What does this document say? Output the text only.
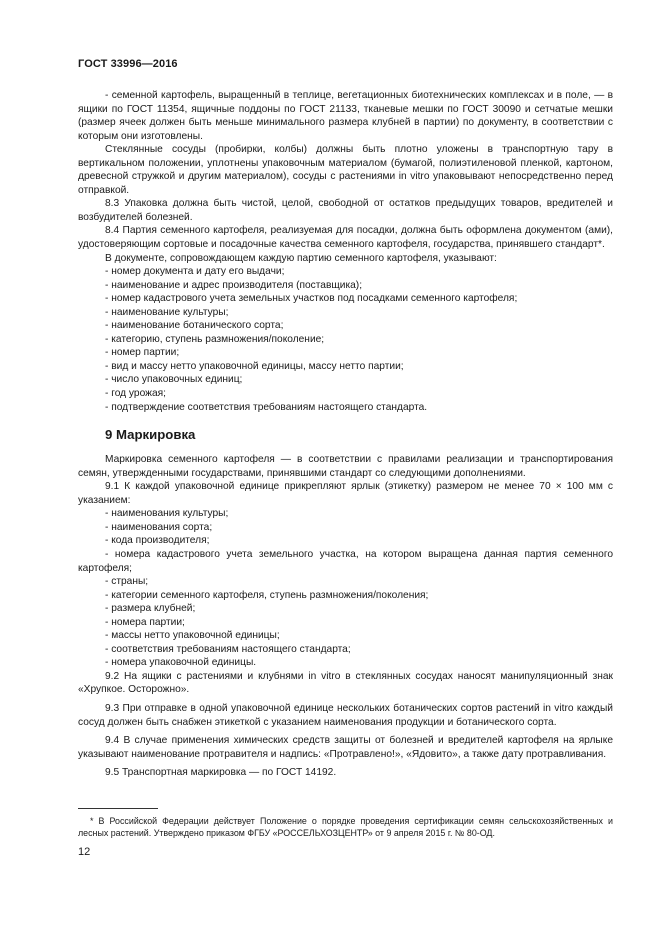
ГОСТ 33996—2016

- семенной картофель, выращенный в теплице, вегетационных биотехнических комплексах и в поле, — в ящики по ГОСТ 11354, ящичные поддоны по ГОСТ 21133, тканевые мешки по ГОСТ 30090 и сетчатые мешки (размер ячеек должен быть меньше минимального размера клубней в партии) по документу, в соответствии с которым они изготовлены.

Стеклянные сосуды (пробирки, колбы) должны быть плотно уложены в транспортную тару в вертикальном положении, уплотнены упаковочным материалом (бумагой, полиэтиленовой пленкой, картоном, древесной стружкой и другим материалом), сосуды с растениями in vitro упаковывают непосредственно перед отправкой.

8.3 Упаковка должна быть чистой, целой, свободной от остатков предыдущих товаров, вредителей и возбудителей болезней.

8.4 Партия семенного картофеля, реализуемая для посадки, должна быть оформлена документом (ами), удостоверяющим сортовые и посадочные качества семенного картофеля, государства, принявшего стандарт*.

В документе, сопровождающем каждую партию семенного картофеля, указывают:

- номер документа и дату его выдачи;

- наименование и адрес производителя (поставщика);

- номер кадастрового учета земельных участков под посадками семенного картофеля;

- наименование культуры;

- наименование ботанического сорта;

- категорию, ступень размножения/поколение;

- номер партии;

- вид и массу нетто упаковочной единицы, массу нетто партии;

- число упаковочных единиц;

- год урожая;

- подтверждение соответствия требованиям настоящего стандарта.

9 Маркировка

Маркировка семенного картофеля — в соответствии с правилами реализации и транспортирования семян, утвержденными государствами, принявшими стандарт со следующими дополнениями.

9.1 К каждой упаковочной единице прикрепляют ярлык (этикетку) размером не менее 70 × 100 мм с указанием:

- наименования культуры;

- наименования сорта;

- кода производителя;

- номера кадастрового учета земельного участка, на котором выращена данная партия семенного картофеля;

- страны;

- категории семенного картофеля, ступень размножения/поколения;

- размера клубней;

- номера партии;

- массы нетто упаковочной единицы;

- соответствия требованиям настоящего стандарта;

- номера упаковочной единицы.

9.2 На ящики с растениями и клубнями in vitro в стеклянных сосудах наносят манипуляционный знак «Хрупкое. Осторожно».

9.3 При отправке в одной упаковочной единице нескольких ботанических сортов растений in vitro каждый сосуд должен быть снабжен этикеткой с указанием наименования продукции и ботанического сорта.

9.4 В случае применения химических средств защиты от болезней и вредителей картофеля на ярлыке указывают наименование протравителя и надпись: «Протравлено!», «Ядовито», а также дату протравливания.

9.5 Транспортная маркировка — по ГОСТ 14192.

* В Российской Федерации действует Положение о порядке проведения сертификации семян сельскохозяйственных и лесных растений. Утверждено приказом ФГБУ «РОССЕЛЬХОЗЦЕНТР» от 9 апреля 2015 г. № 80-ОД.

12
